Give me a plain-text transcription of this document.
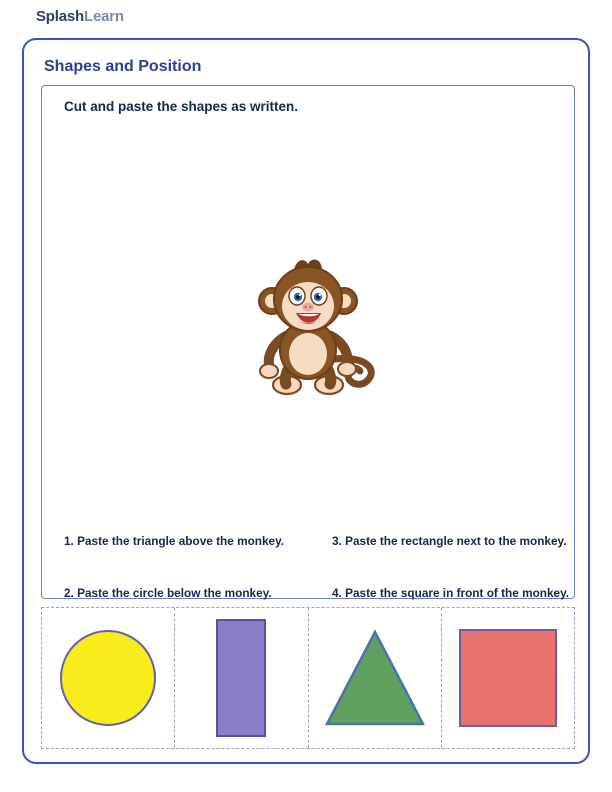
SplashLearn
Shapes and Position
Cut and paste the shapes as written.
1. Paste the triangle above the monkey.
2. Paste the circle below the monkey.
3. Paste the rectangle next to the monkey.
4. Paste the square in front of the monkey.
